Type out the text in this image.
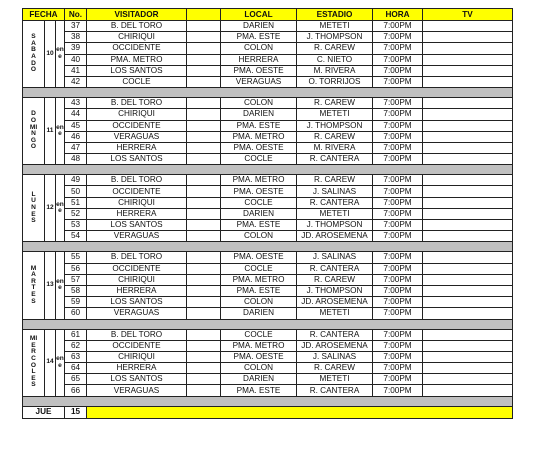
FECHA			No.	VISITADOR		LOCAL	ESTADIO	HORA	TV

SABADO	10	ene	37	B. DEL TORO		DARIEN	METETI	7:00PM	
			38	CHIRIQUI		PMA. ESTE	J. THOMPSON	7:00PM	
			39	OCCIDENTE		COLON	R. CAREW	7:00PM	
			40	PMA. METRO		HERRERA	C. NIETO	7:00PM	
			41	LOS SANTOS		PMA. OESTE	M. RIVERA	7:00PM	
			42	COCLE		VERAGUAS	O. TORRIJOS	7:00PM	

DOMINGO	11	ene	43	B. DEL TORO		COLON	R. CAREW	7:00PM	
			44	CHIRIQUI		DARIEN	METETI	7:00PM	
			45	OCCIDENTE		PMA. ESTE	J. THOMPSON	7:00PM	
			46	VERAGUAS		PMA. METRO	R. CAREW	7:00PM	
			47	HERRERA		PMA. OESTE	M. RIVERA	7:00PM	
			48	LOS SANTOS		COCLE	R. CANTERA	7:00PM	

LUNES	12	ene	49	B. DEL TORO		PMA. METRO	R. CAREW	7:00PM	
			50	OCCIDENTE		PMA. OESTE	J. SALINAS	7:00PM	
			51	CHIRIQUI		COCLE	R. CANTERA	7:00PM	
			52	HERRERA		DARIEN	METETI	7:00PM	
			53	LOS SANTOS		PMA. ESTE	J. THOMPSON	7:00PM	
			54	VERAGUAS		COLON	JD. AROSEMENA	7:00PM	

MARTES	13	ene	55	B. DEL TORO		PMA. OESTE	J. SALINAS	7:00PM	
			56	OCCIDENTE		COCLE	R. CANTERA	7:00PM	
			57	CHIRIQUI		PMA. METRO	R. CAREW	7:00PM	
			58	HERRERA		PMA. ESTE	J. THOMPSON	7:00PM	
			59	LOS SANTOS		COLON	JD. AROSEMENA	7:00PM	
			60	VERAGUAS		DARIEN	METETI	7:00PM	

MIERCOLES	14	ene	61	B. DEL TORO		COCLE	R. CANTERA	7:00PM	
			62	OCCIDENTE		PMA. METRO	JD. AROSEMENA	7:00PM	
			63	CHIRIQUI		PMA. OESTE	J. SALINAS	7:00PM	
			64	HERRERA		COLON	R. CAREW	7:00PM	
			65	LOS SANTOS		DARIEN	METETI	7:00PM	
			66	VERAGUAS		PMA. ESTE	R. CANTERA	7:00PM	

JUE			15						
